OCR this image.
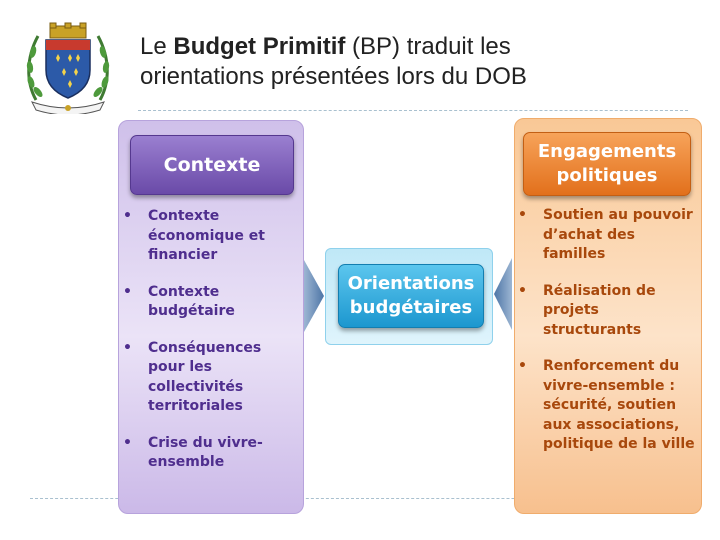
Le Budget Primitif (BP) traduit les
orientations présentées lors du DOB
Contexte
• Contexte économique et financier
• Contexte budgétaire
• Conséquences pour les collectivités territoriales
• Crise du vivre-ensemble
Engagements politiques
• Soutien au pouvoir d’achat des familles
• Réalisation de projets structurants
• Renforcement du vivre-ensemble : sécurité, soutien aux associations, politique de la ville
Orientations budgétaires
